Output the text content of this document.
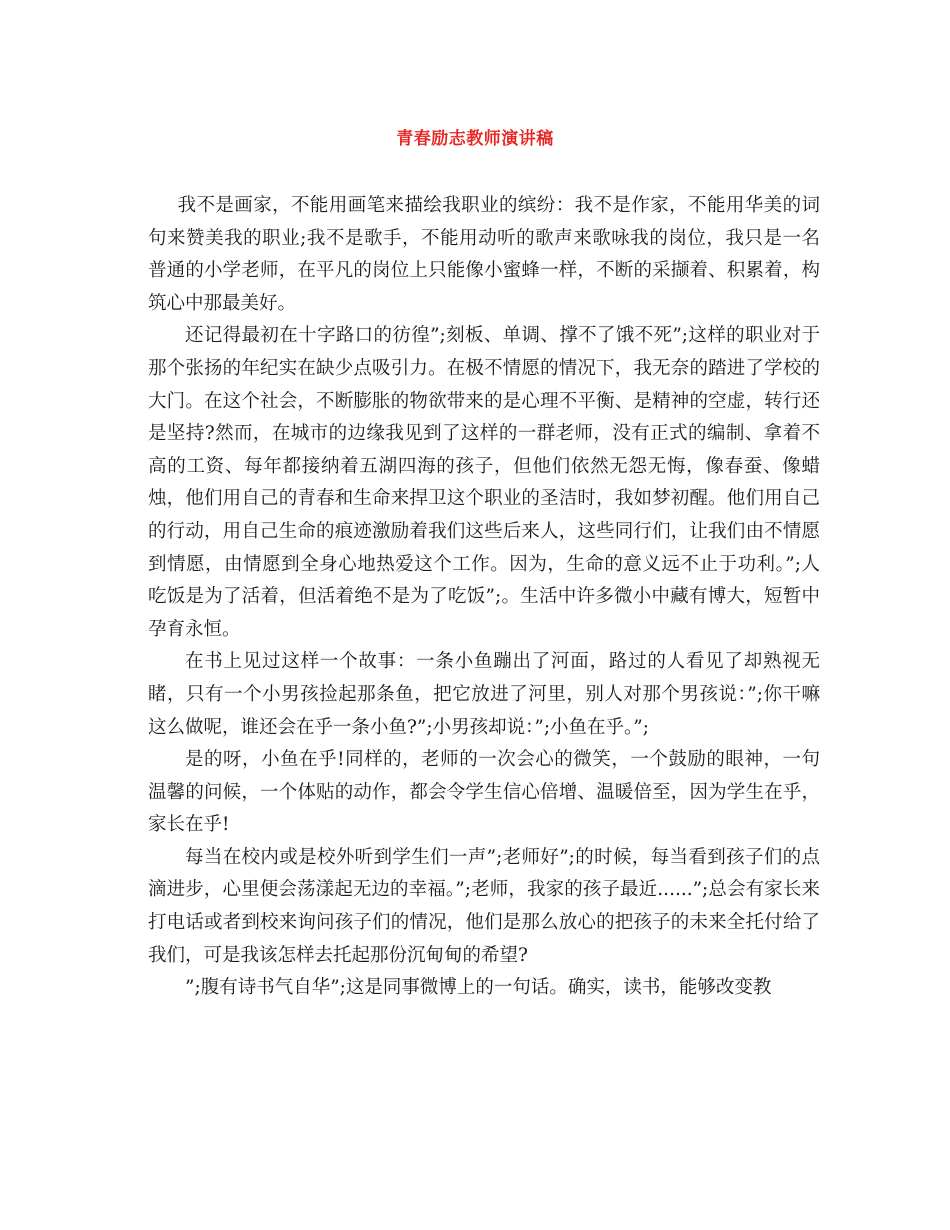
青春励志教师演讲稿

我不是画家，不能用画笔来描绘我职业的缤纷：我不是作家，不能用华美的词句来赞美我的职业;我不是歌手，不能用动听的歌声来歌咏我的岗位，我只是一名普通的小学老师，在平凡的岗位上只能像小蜜蜂一样，不断的采撷着、积累着，构筑心中那最美好。

还记得最初在十字路口的彷徨”;刻板、单调、撑不了饿不死”;这样的职业对于那个张扬的年纪实在缺少点吸引力。在极不情愿的情况下，我无奈的踏进了学校的大门。在这个社会，不断膨胀的物欲带来的是心理不平衡、是精神的空虚，转行还是坚持?然而，在城市的边缘我见到了这样的一群老师，没有正式的编制、拿着不高的工资、每年都接纳着五湖四海的孩子，但他们依然无怨无悔，像春蚕、像蜡烛，他们用自己的青春和生命来捍卫这个职业的圣洁时，我如梦初醒。他们用自己的行动，用自己生命的痕迹激励着我们这些后来人，这些同行们，让我们由不情愿到情愿，由情愿到全身心地热爱这个工作。因为，生命的意义远不止于功利。”;人吃饭是为了活着，但活着绝不是为了吃饭”;。生活中许多微小中藏有博大，短暂中孕育永恒。

在书上见过这样一个故事：一条小鱼蹦出了河面，路过的人看见了却熟视无睹，只有一个小男孩捡起那条鱼，把它放进了河里，别人对那个男孩说：”;你干嘛这么做呢，谁还会在乎一条小鱼?”;小男孩却说：”;小鱼在乎。”;

是的呀，小鱼在乎!同样的，老师的一次会心的微笑，一个鼓励的眼神，一句温馨的问候，一个体贴的动作，都会令学生信心倍增、温暖倍至，因为学生在乎，家长在乎!

每当在校内或是校外听到学生们一声”;老师好”;的时候，每当看到孩子们的点滴进步，心里便会荡漾起无边的幸福。”;老师，我家的孩子最近......”;总会有家长来打电话或者到校来询问孩子们的情况，他们是那么放心的把孩子的未来全托付给了我们，可是我该怎样去托起那份沉甸甸的希望?

”;腹有诗书气自华”;这是同事微博上的一句话。确实，读书，能够改变教
